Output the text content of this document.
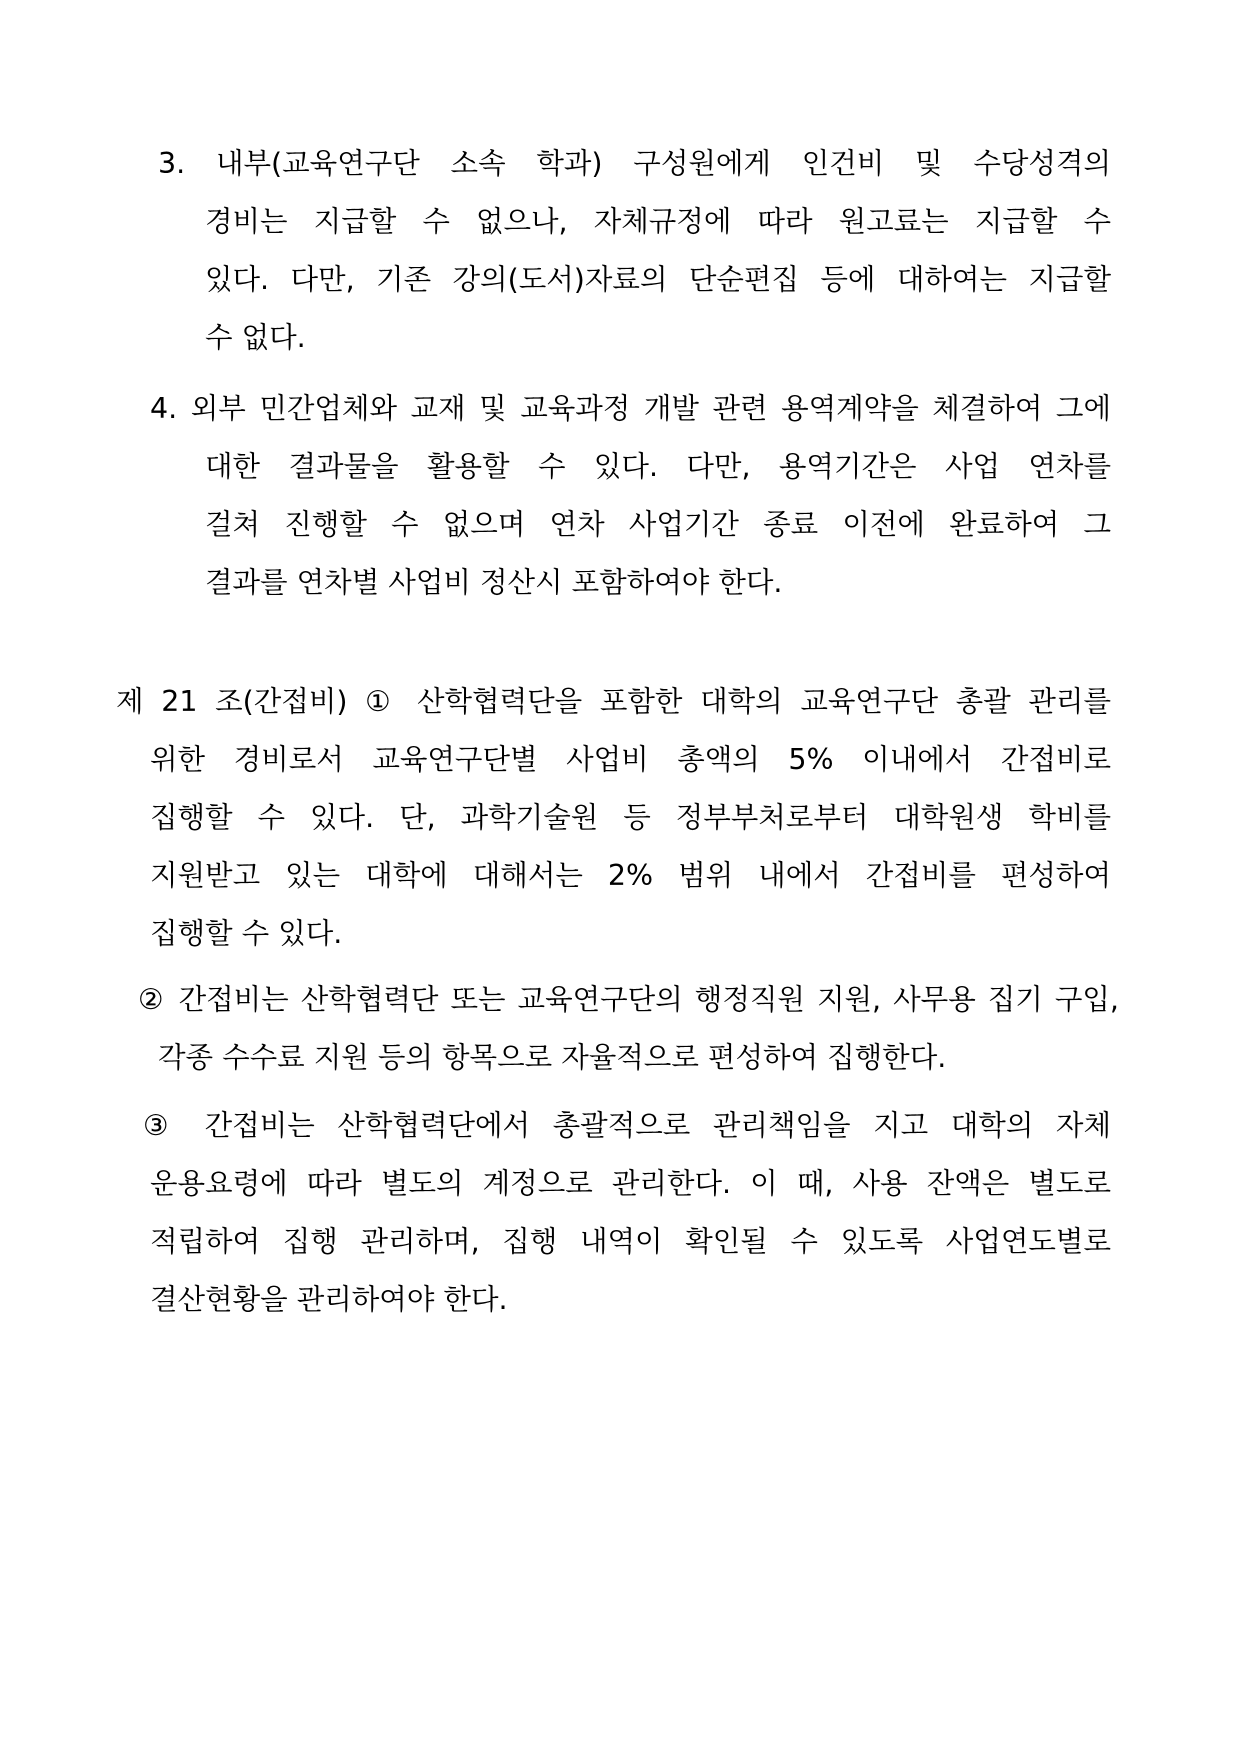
3. 내부(교육연구단 소속 학과) 구성원에게 인건비 및 수당성격의
경비는 지급할 수 없으나, 자체규정에 따라 원고료는 지급할 수
있다. 다만, 기존 강의(도서)자료의 단순편집 등에 대하여는 지급할
수 없다.
4. 외부 민간업체와 교재 및 교육과정 개발 관련 용역계약을 체결하여 그에
대한 결과물을 활용할 수 있다. 다만, 용역기간은 사업 연차를
걸쳐 진행할 수 없으며 연차 사업기간 종료 이전에 완료하여 그
결과를 연차별 사업비 정산시 포함하여야 한다.
제 21 조(간접비) ① 산학협력단을 포함한 대학의 교육연구단 총괄 관리를
위한 경비로서 교육연구단별 사업비 총액의 5% 이내에서 간접비로
집행할 수 있다. 단, 과학기술원 등 정부부처로부터 대학원생 학비를
지원받고 있는 대학에 대해서는 2% 범위 내에서 간접비를 편성하여
집행할 수 있다.
② 간접비는 산학협력단 또는 교육연구단의 행정직원 지원, 사무용 집기 구입,
각종 수수료 지원 등의 항목으로 자율적으로 편성하여 집행한다.
③ 간접비는 산학협력단에서 총괄적으로 관리책임을 지고 대학의 자체
운용요령에 따라 별도의 계정으로 관리한다. 이 때, 사용 잔액은 별도로
적립하여 집행 관리하며, 집행 내역이 확인될 수 있도록 사업연도별로
결산현황을 관리하여야 한다.
